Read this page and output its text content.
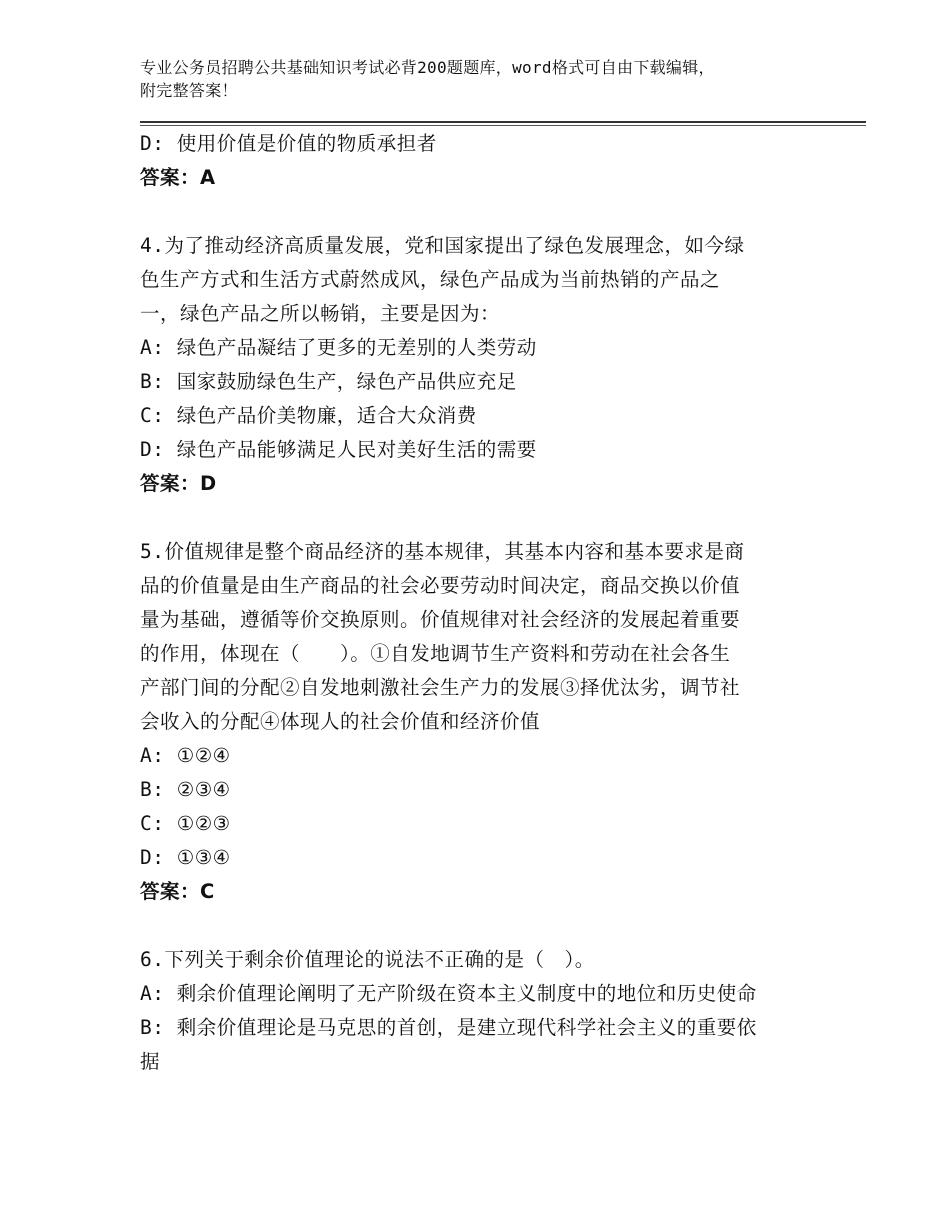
专业公务员招聘公共基础知识考试必背200题题库，word格式可自由下载编辑，
附完整答案！
D: 使用价值是价值的物质承担者
答案：A
4.为了推动经济高质量发展，党和国家提出了绿色发展理念，如今绿
色生产方式和生活方式蔚然成风，绿色产品成为当前热销的产品之
一，绿色产品之所以畅销，主要是因为：
A: 绿色产品凝结了更多的无差别的人类劳动
B: 国家鼓励绿色生产，绿色产品供应充足
C: 绿色产品价美物廉，适合大众消费
D: 绿色产品能够满足人民对美好生活的需要
答案：D
5.价值规律是整个商品经济的基本规律，其基本内容和基本要求是商
品的价值量是由生产商品的社会必要劳动时间决定，商品交换以价值
量为基础，遵循等价交换原则。价值规律对社会经济的发展起着重要
的作用，体现在（　　）。①自发地调节生产资料和劳动在社会各生
产部门间的分配②自发地刺激社会生产力的发展③择优汰劣，调节社
会收入的分配④体现人的社会价值和经济价值
A: ①②④
B: ②③④
C: ①②③
D: ①③④
答案：C
6.下列关于剩余价值理论的说法不正确的是（　）。
A: 剩余价值理论阐明了无产阶级在资本主义制度中的地位和历史使命
B: 剩余价值理论是马克思的首创，是建立现代科学社会主义的重要依
据
